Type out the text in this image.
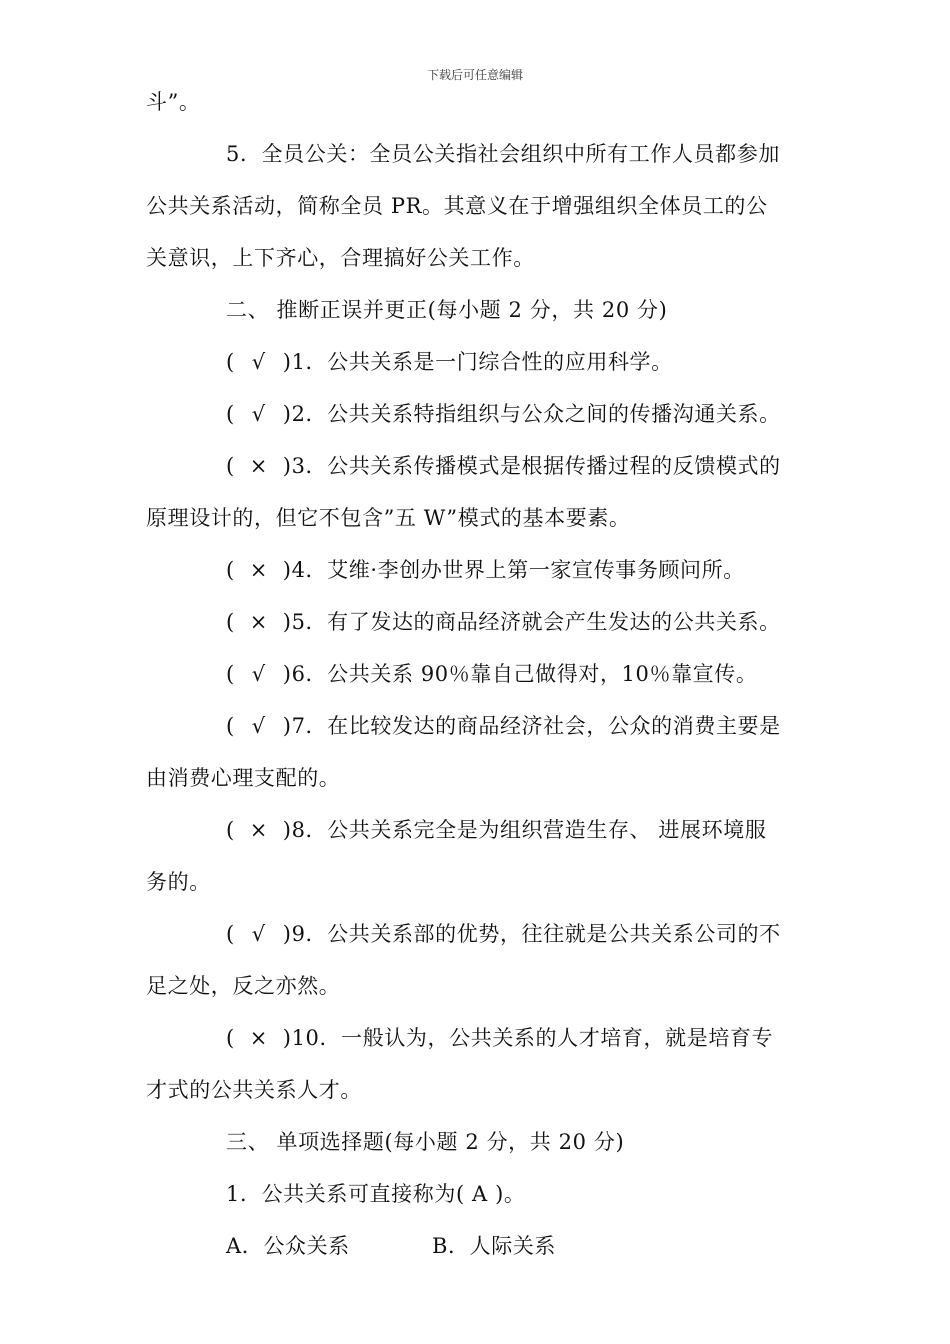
下载后可任意编辑
斗”。
5．全员公关：全员公关指社会组织中所有工作人员都参加
公共关系活动，简称全员 PR。其意义在于增强组织全体员工的公
关意识，上下齐心，合理搞好公关工作。
二、 推断正误并更正(每小题 2 分，共 20 分)
( √ )1．公共关系是一门综合性的应用科学。
( √ )2．公共关系特指组织与公众之间的传播沟通关系。
( × )3．公共关系传播模式是根据传播过程的反馈模式的
原理设计的，但它不包含”五 W”模式的基本要素。
( × )4．艾维·李创办世界上第一家宣传事务顾问所。
( × )5．有了发达的商品经济就会产生发达的公共关系。
( √ )6．公共关系 90％靠自己做得对，10％靠宣传。
( √ )7．在比较发达的商品经济社会，公众的消费主要是
由消费心理支配的。
( × )8．公共关系完全是为组织营造生存、 进展环境服
务的。
( √ )9．公共关系部的优势，往往就是公共关系公司的不
足之处，反之亦然。
( × )10．一般认为，公共关系的人才培育，就是培育专
才式的公共关系人才。
三、 单项选择题(每小题 2 分，共 20 分)
1．公共关系可直接称为( A )。
A．公众关系	B．人际关系
